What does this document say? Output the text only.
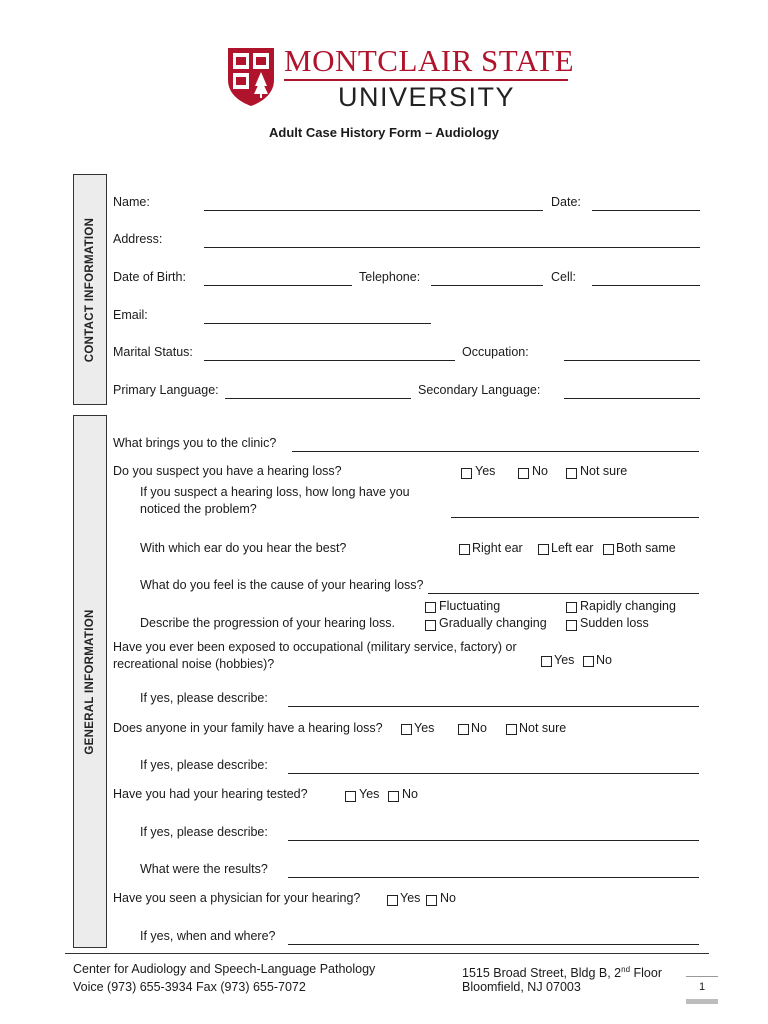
MONTCLAIR STATE
UNIVERSITY
Adult Case History Form – Audiology
CONTACT INFORMATION
GENERAL INFORMATION
Name:	Date:
Address:
Date of Birth:	Telephone:	Cell:
Email:
Marital Status:	Occupation:
Primary Language:	Secondary Language:
What brings you to the clinic?
Do you suspect you have a hearing loss?	Yes	No	Not sure
If you suspect a hearing loss, how long have you
noticed the problem?
With which ear do you hear the best?	Right ear Left ear Both same
What do you feel is the cause of your hearing loss?
Fluctuating	Rapidly changing
Describe the progression of your hearing loss.	Gradually changing	Sudden loss
Have you ever been exposed to occupational (military service, factory) or
recreational noise (hobbies)?	Yes No
If yes, please describe:
Does anyone in your family have a hearing loss?	Yes	No	Not sure
If yes, please describe:
Have you had your hearing tested?	Yes No
If yes, please describe:
What were the results?
Have you seen a physician for your hearing?	Yes No
If yes, when and where?
Center for Audiology and Speech-Language Pathology
Voice (973) 655-3934 Fax (973) 655-7072
1515 Broad Street, Bldg B, 2nd Floor
Bloomfield, NJ 07003	1
